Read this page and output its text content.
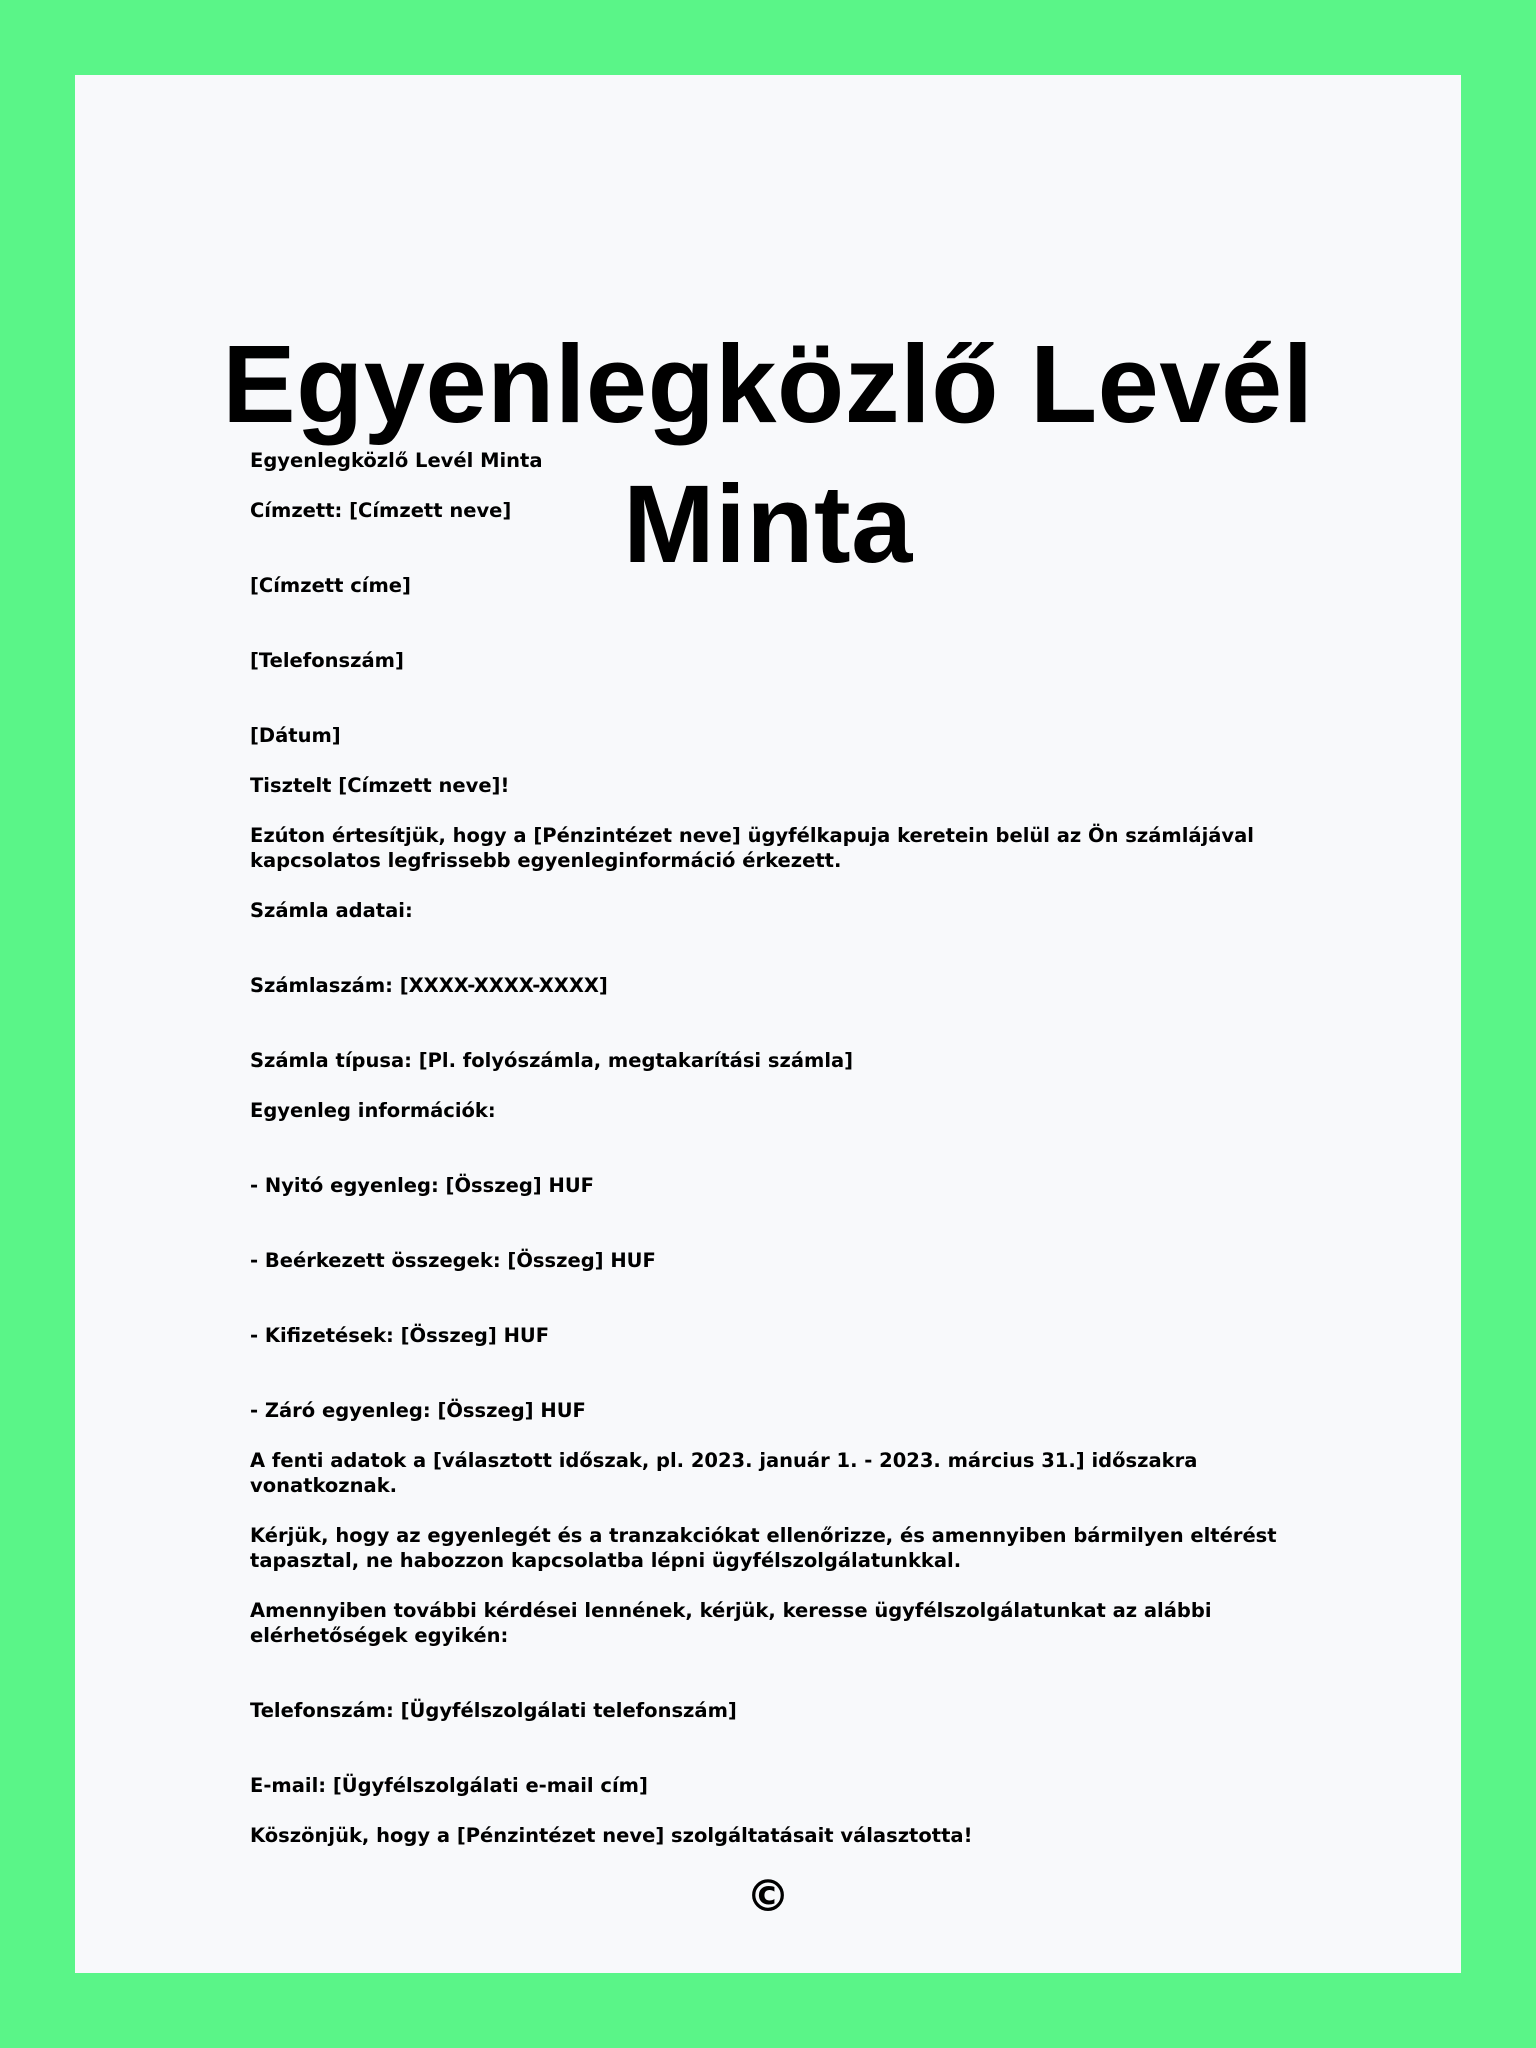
Egyenlegközlő Levél Minta

Egyenlegközlő Levél Minta

Címzett: [Címzett neve]

[Címzett címe]

[Telefonszám]

[Dátum]

Tisztelt [Címzett neve]!

Ezúton értesítjük, hogy a [Pénzintézet neve] ügyfélkapuja keretein belül az Ön számlájával kapcsolatos legfrissebb egyenleginformáció érkezett.

Számla adatai:

Számlaszám: [XXXX-XXXX-XXXX]

Számla típusa: [Pl. folyószámla, megtakarítási számla]

Egyenleg információk:

- Nyitó egyenleg: [Összeg] HUF

- Beérkezett összegek: [Összeg] HUF

- Kifizetések: [Összeg] HUF

- Záró egyenleg: [Összeg] HUF

A fenti adatok a [választott időszak, pl. 2023. január 1. - 2023. március 31.] időszakra vonatkoznak.

Kérjük, hogy az egyenlegét és a tranzakciókat ellenőrizze, és amennyiben bármilyen eltérést tapasztal, ne habozzon kapcsolatba lépni ügyfélszolgálatunkkal.

Amennyiben további kérdései lennének, kérjük, keresse ügyfélszolgálatunkat az alábbi elérhetőségek egyikén:

Telefonszám: [Ügyfélszolgálati telefonszám]

E-mail: [Ügyfélszolgálati e-mail cím]

Köszönjük, hogy a [Pénzintézet neve] szolgáltatásait választotta!

©
